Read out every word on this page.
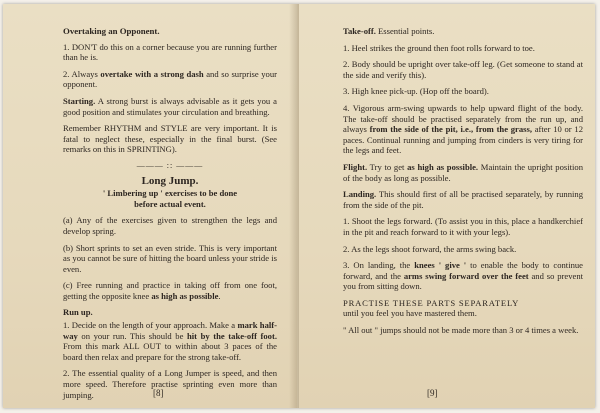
Overtaking an Opponent.

1. DON'T do this on a corner because you are running further than he is.

2. Always overtake with a strong dash and so surprise your opponent.

Starting. A strong burst is always advisable as it gets you a good position and stimulates your circulation and breathing.

Remember RHYTHM and STYLE are very important. It is fatal to neglect these, especially in the final burst. (See remarks on this in SPRINTING).

——— :: ———

Long Jump.

' Limbering up ' exercises to be done

before actual event.

(a) Any of the exercises given to strengthen the legs and develop spring.

(b) Short sprints to set an even stride. This is very important as you cannot be sure of hitting the board unless your stride is even.

(c) Free running and practice in taking off from one foot, getting the opposite knee as high as possible.

Run up.

1. Decide on the length of your approach. Make a mark half-way on your run. This should be hit by the take-off foot. From this mark ALL OUT to within about 3 paces of the board then relax and prepare for the strong take-off.

2. The essential quality of a Long Jumper is speed, and then more speed. Therefore practise sprinting even more than jumping.	[8]

Take-off. Essential points.

1. Heel strikes the ground then foot rolls forward to toe.

2. Body should be upright over take-off leg. (Get someone to stand at the side and verify this).

3. High knee pick-up. (Hop off the board).

4. Vigorous arm-swing upwards to help upward flight of the body. The take-off should be practised separately from the run up, and always from the side of the pit, i.e., from the grass, after 10 or 12 paces. Continual running and jumping from cinders is very tiring for the legs and feet.

Flight. Try to get as high as possible. Maintain the upright position of the body as long as possible.

Landing. This should first of all be practised separately, by running from the side of the pit.

1. Shoot the legs forward. (To assist you in this, place a handkerchief in the pit and reach forward to it with your legs).

2. As the legs shoot forward, the arms swing back.

3. On landing, the knees ' give ' to enable the body to continue forward, and the arms swing forward over the feet and so prevent you from sitting down.

PRACTISE THESE PARTS SEPARATELY

until you feel you have mastered them.

" All out " jumps should not be made more than 3 or 4 times a week.

[9]
